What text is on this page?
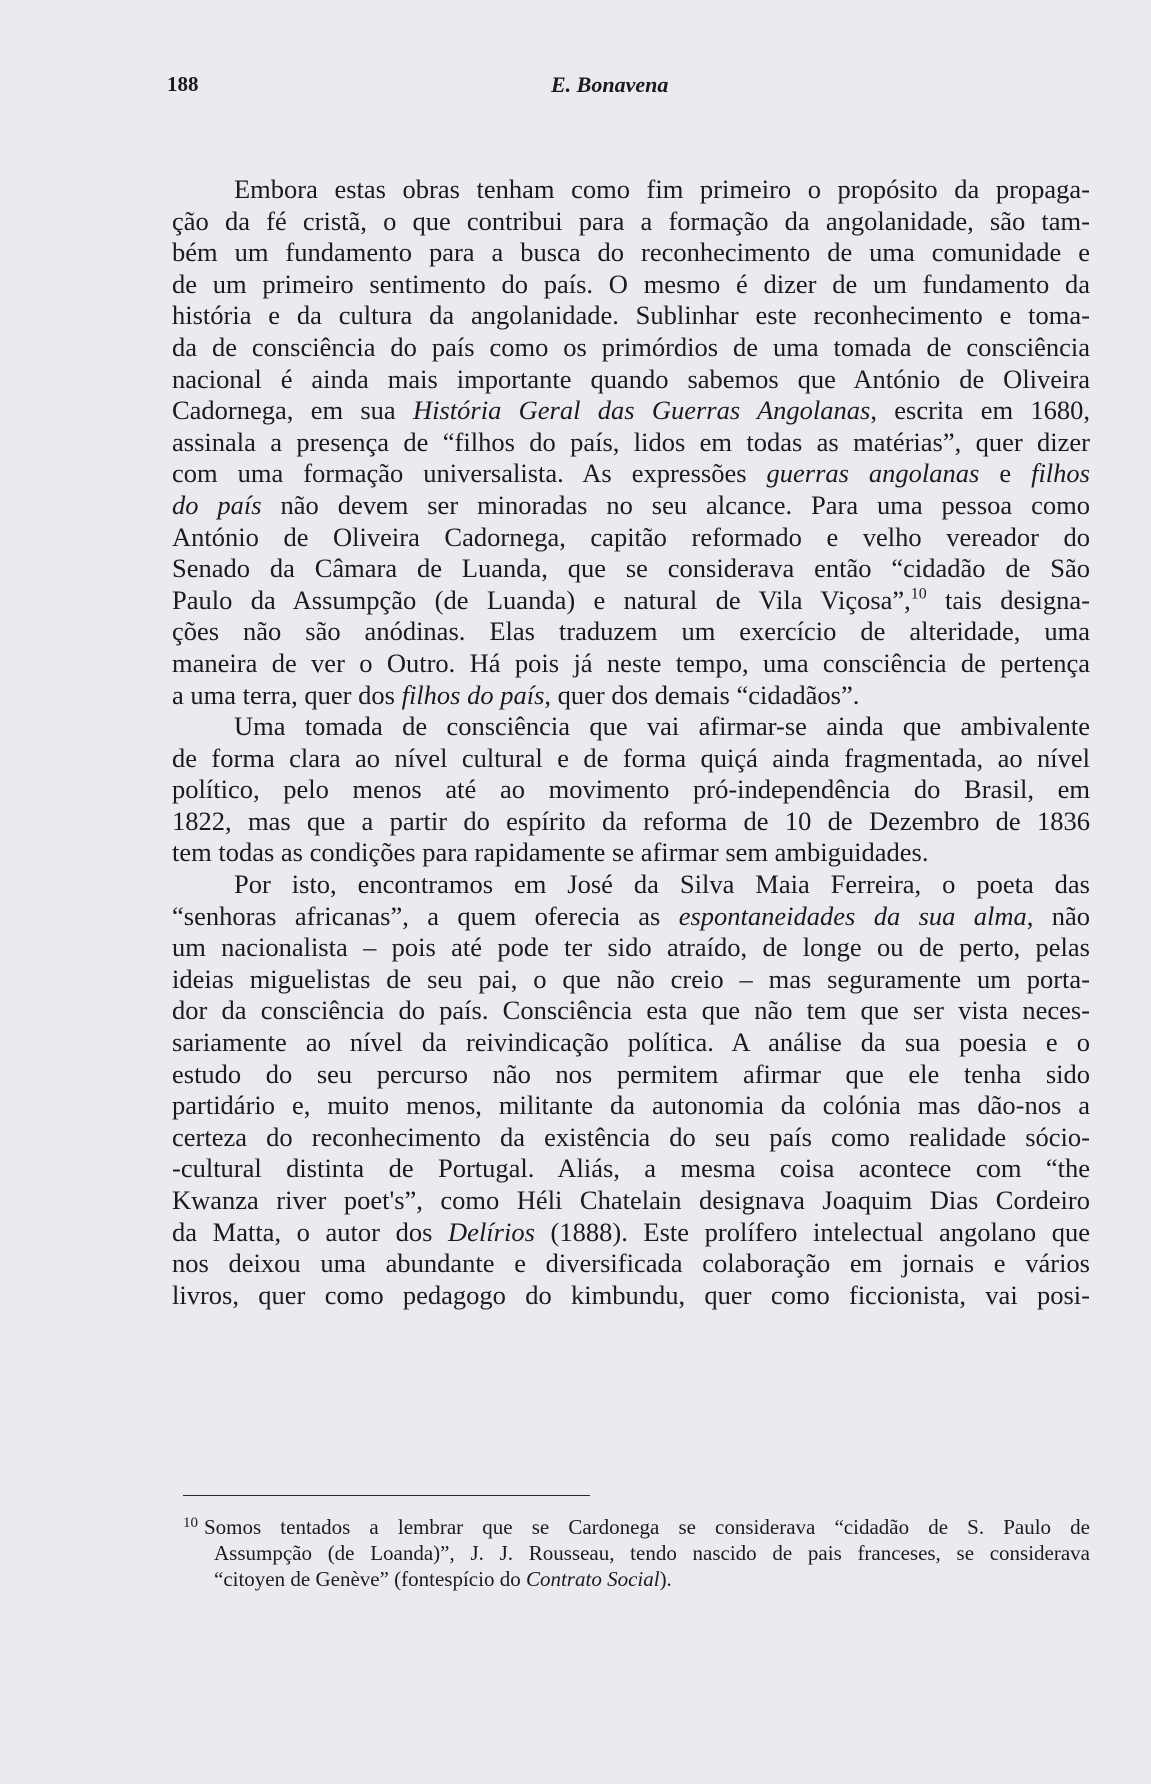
188	E. Bonavena

Embora estas obras tenham como fim primeiro o propósito da propaga-
ção da fé cristã, o que contribui para a formação da angolanidade, são tam-
bém um fundamento para a busca do reconhecimento de uma comunidade e
de um primeiro sentimento do país. O mesmo é dizer de um fundamento da
história e da cultura da angolanidade. Sublinhar este reconhecimento e toma-
da de consciência do país como os primórdios de uma tomada de consciência
nacional é ainda mais importante quando sabemos que António de Oliveira
Cadornega, em sua História Geral das Guerras Angolanas, escrita em 1680,
assinala a presença de “filhos do país, lidos em todas as matérias”, quer dizer
com uma formação universalista. As expressões guerras angolanas e filhos
do país não devem ser minoradas no seu alcance. Para uma pessoa como
António de Oliveira Cadornega, capitão reformado e velho vereador do
Senado da Câmara de Luanda, que se considerava então “cidadão de São
Paulo da Assumpção (de Luanda) e natural de Vila Viçosa”,$^{10}$ tais designa-
ções não são anódinas. Elas traduzem um exercício de alteridade, uma
maneira de ver o Outro. Há pois já neste tempo, uma consciência de pertença
a uma terra, quer dos filhos do país, quer dos demais “cidadãos”.

Uma tomada de consciência que vai afirmar-se ainda que ambivalente
de forma clara ao nível cultural e de forma quiçá ainda fragmentada, ao nível
político, pelo menos até ao movimento pró-independência do Brasil, em
1822, mas que a partir do espírito da reforma de 10 de Dezembro de 1836
tem todas as condições para rapidamente se afirmar sem ambiguidades.

Por isto, encontramos em José da Silva Maia Ferreira, o poeta das
“senhoras africanas”, a quem oferecia as espontaneidades da sua alma, não
um nacionalista – pois até pode ter sido atraído, de longe ou de perto, pelas
ideias miguelistas de seu pai, o que não creio – mas seguramente um porta-
dor da consciência do país. Consciência esta que não tem que ser vista neces-
sariamente ao nível da reivindicação política. A análise da sua poesia e o
estudo do seu percurso não nos permitem afirmar que ele tenha sido
partidário e, muito menos, militante da autonomia da colónia mas dão-nos a
certeza do reconhecimento da existência do seu país como realidade sócio-
-cultural distinta de Portugal. Aliás, a mesma coisa acontece com “the
Kwanza river poet's”, como Héli Chatelain designava Joaquim Dias Cordeiro
da Matta, o autor dos Delírios (1888). Este prolífero intelectual angolano que
nos deixou uma abundante e diversificada colaboração em jornais e vários
livros, quer como pedagogo do kimbundu, quer como ficcionista, vai posi-

$^{10}$ Somos tentados a lembrar que se Cardonega se considerava “cidadão de S. Paulo de
Assumpção (de Loanda)”, J. J. Rousseau, tendo nascido de pais franceses, se considerava
“citoyen de Genève” (fontespício do Contrato Social).
